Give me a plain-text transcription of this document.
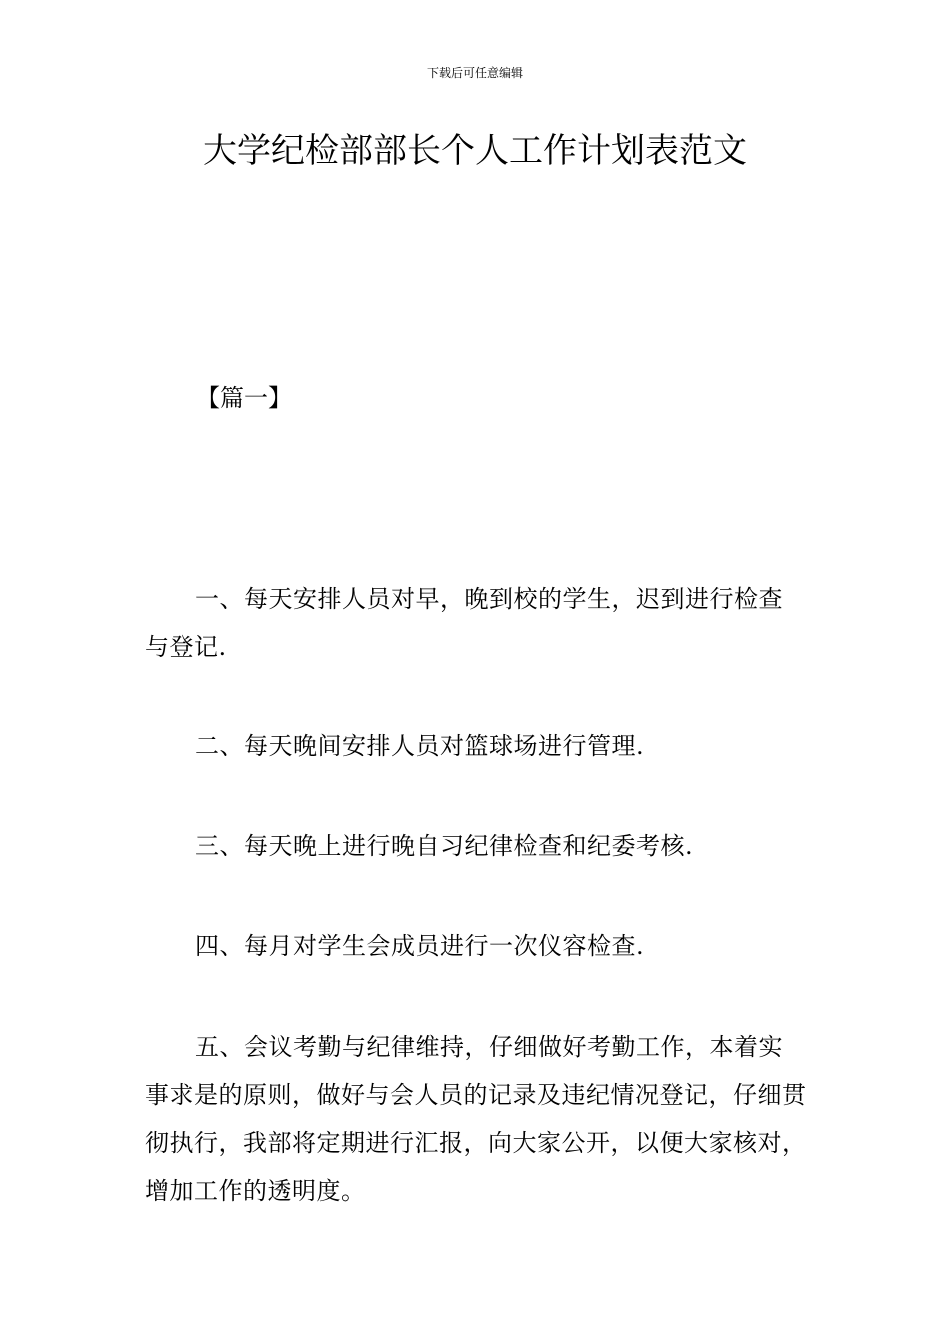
下载后可任意编辑
大学纪检部部长个人工作计划表范文

【篇一】

一、每天安排人员对早，晚到校的学生，迟到进行检查与登记.

二、每天晚间安排人员对篮球场进行管理.

三、每天晚上进行晚自习纪律检查和纪委考核.

四、每月对学生会成员进行一次仪容检查.

五、会议考勤与纪律维持，仔细做好考勤工作，本着实事求是的原则，做好与会人员的记录及违纪情况登记，仔细贯彻执行，我部将定期进行汇报，向大家公开，以便大家核对，增加工作的透明度。
